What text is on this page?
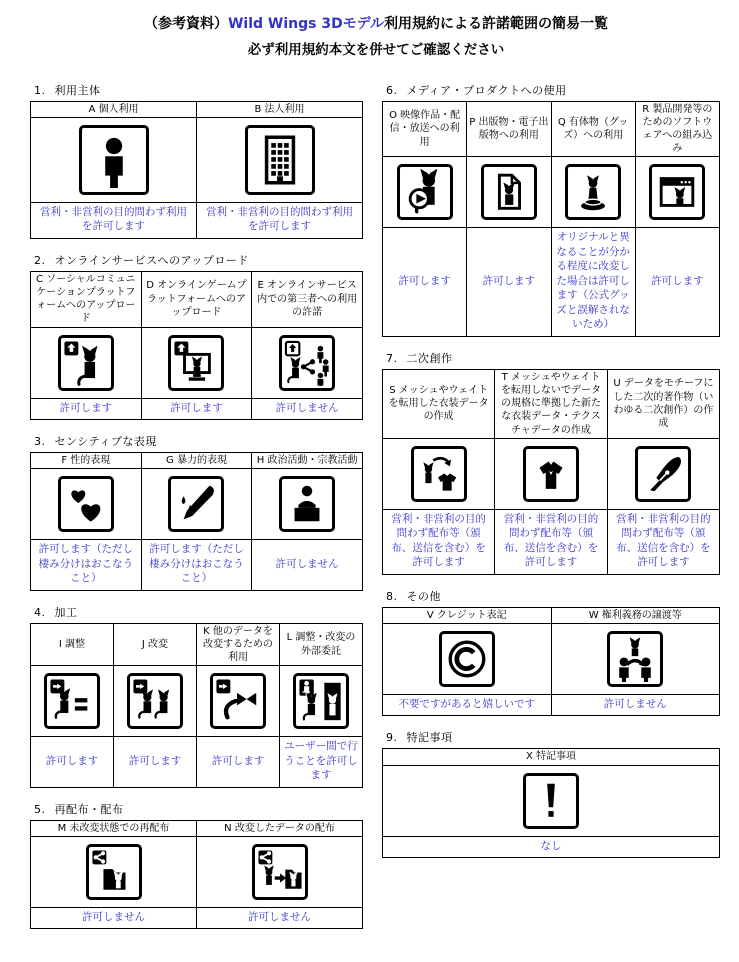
（参考資料）Wild Wings 3Dモデル利用規約による許諾範囲の簡易一覧
必ず利用規約本文を併せてご確認ください
1. 利用主体
A 個人利用	B 法人利用

営利・非営利の目的問わず利用を許可します	営利・非営利の目的問わず利用を許可します
2. オンラインサービスへのアップロード
C ソーシャルコミュニケーションプラットフォームへのアップロード	D オンラインゲームプラットフォームへのアップロード	E オンラインサービス内での第三者への利用の許諾

許可します	許可します	許可しません
3. センシティブな表現
F 性的表現	G 暴力的表現	H 政治活動・宗教活動

許可します（ただし棲み分けはおこなうこと）	許可します（ただし棲み分けはおこなうこと）	許可しません
4. 加工
I 調整	J 改変	K 他のデータを改変するための利用	L 調整・改変の外部委託

許可します	許可します	許可します	ユーザー間で行うことを許可します
5. 再配布・配布
M 未改変状態での再配布	N 改変したデータの配布

許可しません	許可しません
6. メディア・プロダクトへの使用
O 映像作品・配信・放送への利用	P 出版物・電子出版物への利用	Q 有体物（グッズ）への利用	R 製品開発等のためのソフトウェアへの組み込み

許可します	許可します	オリジナルと異なることが分かる程度に改変した場合は許可します（公式グッズと誤解されないため）	許可します
7. 二次創作
S メッシュやウェイトを転用した衣装データの作成	T メッシュやウェイトを転用しないでデータの規格に準拠した新たな衣装データ・テクスチャデータの作成	U データをモチーフにした二次的著作物（いわゆる二次創作）の作成

営利・非営利の目的問わず配布等（頒布、送信を含む）を許可します	営利・非営利の目的問わず配布等（頒布、送信を含む）を許可します	営利・非営利の目的問わず配布等（頒布、送信を含む）を許可します
8. その他
V クレジット表記	W 権利義務の譲渡等

不要ですがあると嬉しいです	許可しません
9. 特記事項
X 特記事項

なし
